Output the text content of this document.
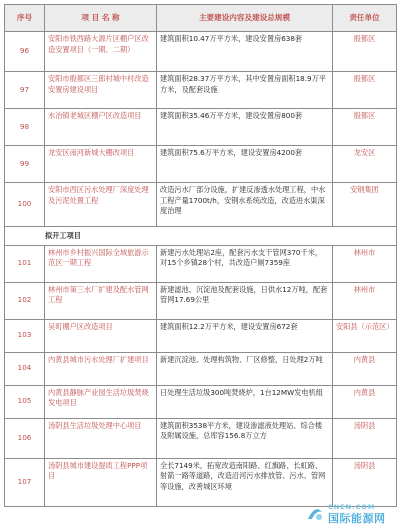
序号	项 目 名 称	主要建设内容及建设总规模	责任单位
96	安阳市铁西路大源片区棚户区改造安置项目（一期、二期）	建筑面积10.47万平方米，建设安置房638套	殷都区
97	安阳市殷都区三郎村城中村改造安置房建设项目	建筑面积28.37万平方米，其中安置房面积18.9万平方米，及配套设施	殷都区
98	水冶镇老城区棚户区改造项目	建筑面积35.46万平方米，建设安置房800套	殷都区
99	龙安区南河新城大棚改项目	建筑面积75.6万平方米，建设安置房4200套	龙安区
100	安阳市西区污水处理厂深度处理及污泥处置工程	改造污水厂部分设施，扩建反渗透水处理工程，中水工程产量1700t/h，安钢水系统改造，改造进水渠深度治理	安钢集团
拟开工项目			
101	林州市乡村振兴国际全域旅游示范区一期工程	新建污水处理站2座，配套污水支干管网370千米，对15个乡镇28个村，共改造户厕7359座	林州市
102	林州市第三水厂扩建及配水管网工程	新建滤池、沉淀池及配套设施，日供水12万吨，配套管网17.69公里	林州市
103	吴町棚户区改造项目	建筑面积12.2万平方米，建设安置房672套	安阳县（示范区）
104	内黄县城市污水处理厂扩建项目	新建沉淀池、处理构筑物、厂区修整，日处理2万吨	内黄县
105	内黄县静脉产业园生活垃圾焚烧发电项目	日处理生活垃圾300吨焚烧炉，1台12MW发电机组	内黄县
106	汤阴县生活垃圾处理中心项目	建筑面积3538平方米，建设渗滤液处理站、综合楼及附属设施，总库容156.8万立方	汤阴县
107	汤阴县城市建设提质工程PPP项目	全长7149米，拓宽改造南阳路、红旗路、长虹路、射箭一路等道路，改造沿河污水排放管、污水、管网等设施，改善城区环境	汤阴县
CNEN.COM
国际能源网
